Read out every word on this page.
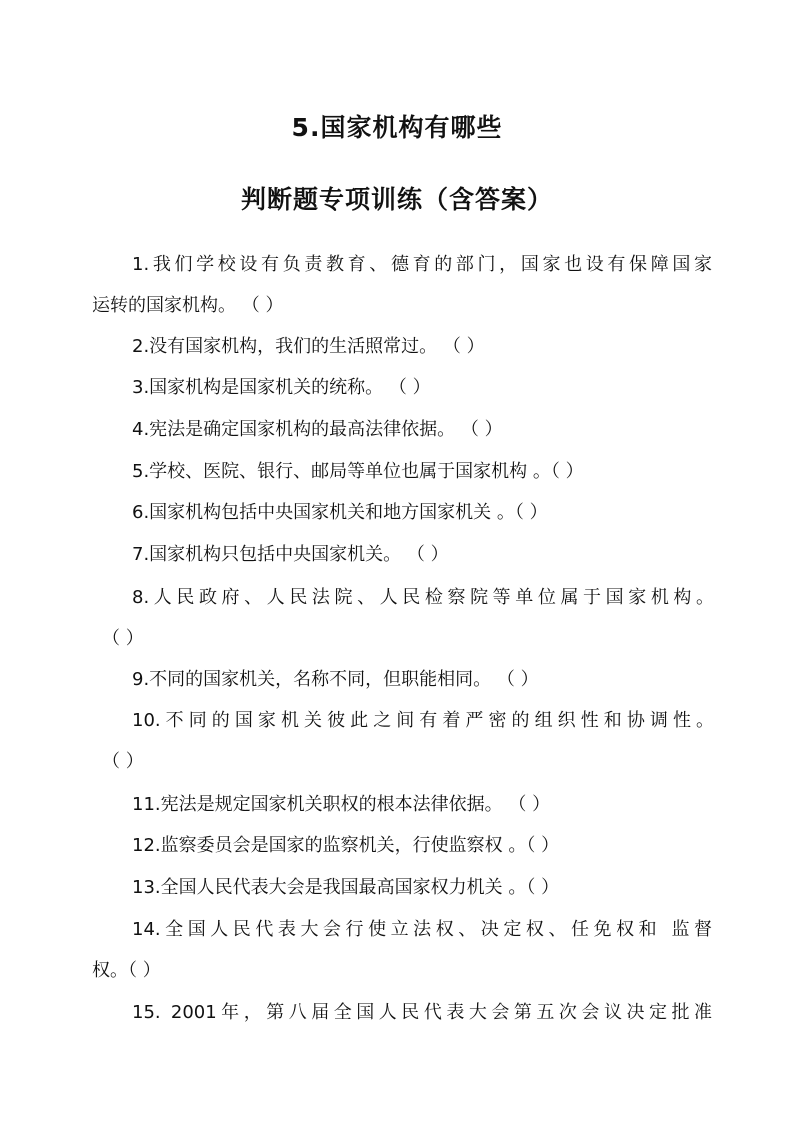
5.国家机构有哪些
判断题专项训练（含答案）
1.我们学校设有负责教育、德育的部门，国家也设有保障国家
运转的国家机构。 （ ）
2.没有国家机构，我们的生活照常过。 （ ）
3.国家机构是国家机关的统称。 （ ）
4.宪法是确定国家机构的最高法律依据。 （ ）
5.学校、医院、银行、邮局等单位也属于国家机构 。（ ）
6.国家机构包括中央国家机关和地方国家机关 。（ ）
7.国家机构只包括中央国家机关。 （ ）
8.人民政府、人民法院、人民检察院等单位属于国家机构。
（ ）
9.不同的国家机关，名称不同，但职能相同。 （ ）
10.不同的国家机关彼此之间有着严密的组织性和协调性。
（ ）
11.宪法是规定国家机关职权的根本法律依据。 （ ）
12.监察委员会是国家的监察机关，行使监察权 。（ ）
13.全国人民代表大会是我国最高国家权力机关 。（ ）
14.全国人民代表大会行使立法权、决定权、任免权和 监督
权。（ ）
15. 2001年，第八届全国人民代表大会第五次会议决定批准
